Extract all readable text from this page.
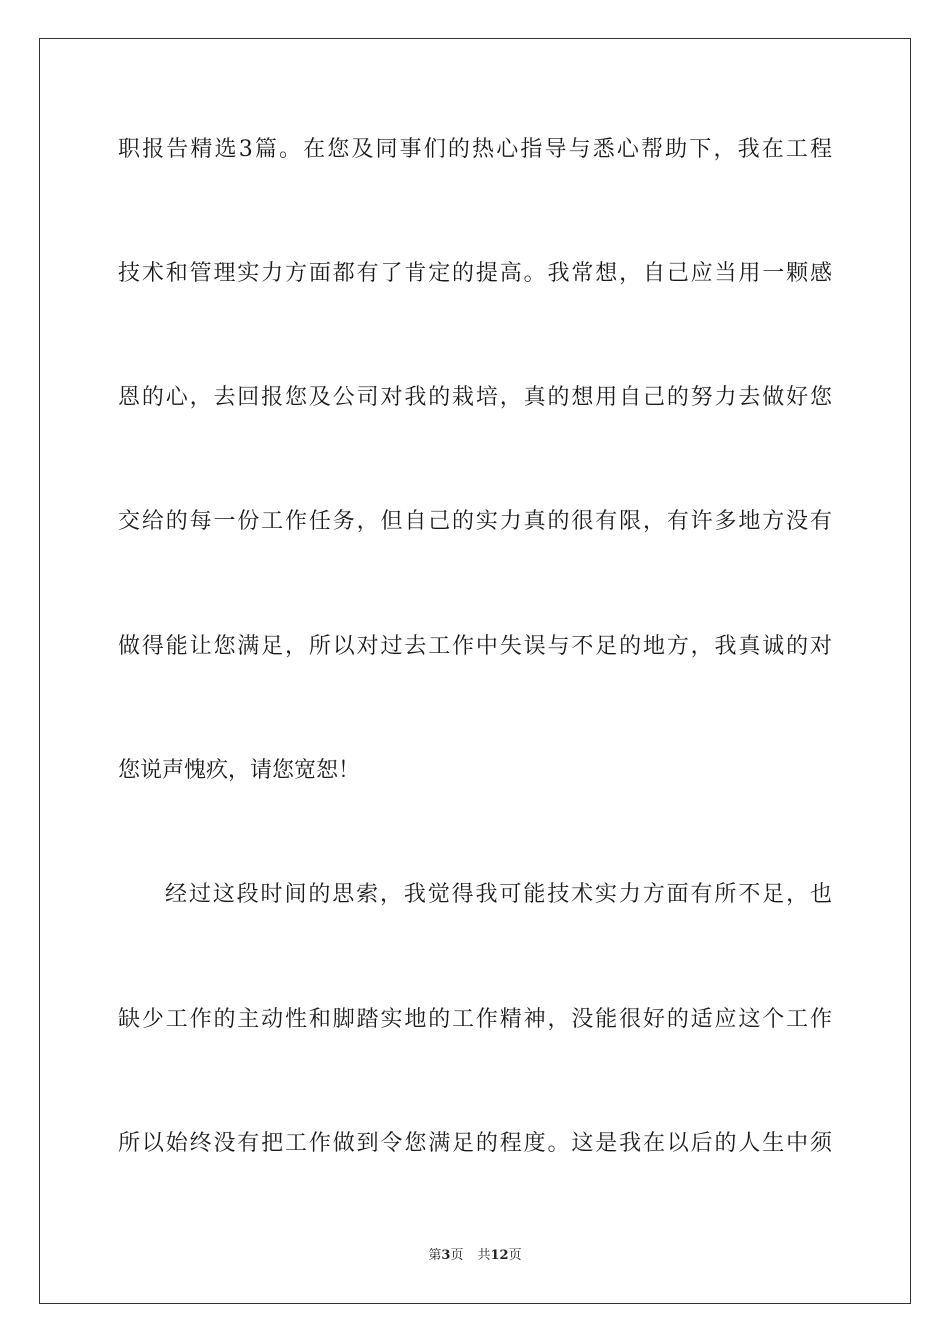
职报告精选3篇。在您及同事们的热心指导与悉心帮助下，我在工程
技术和管理实力方面都有了肯定的提高。我常想，自己应当用一颗感
恩的心，去回报您及公司对我的栽培，真的想用自己的努力去做好您
交给的每一份工作任务，但自己的实力真的很有限，有许多地方没有
做得能让您满足，所以对过去工作中失误与不足的地方，我真诚的对
您说声愧疚，请您宽恕！
经过这段时间的思索，我觉得我可能技术实力方面有所不足，也
缺少工作的主动性和脚踏实地的工作精神，没能很好的适应这个工作
所以始终没有把工作做到令您满足的程度。这是我在以后的人生中须
第3页 共12页
